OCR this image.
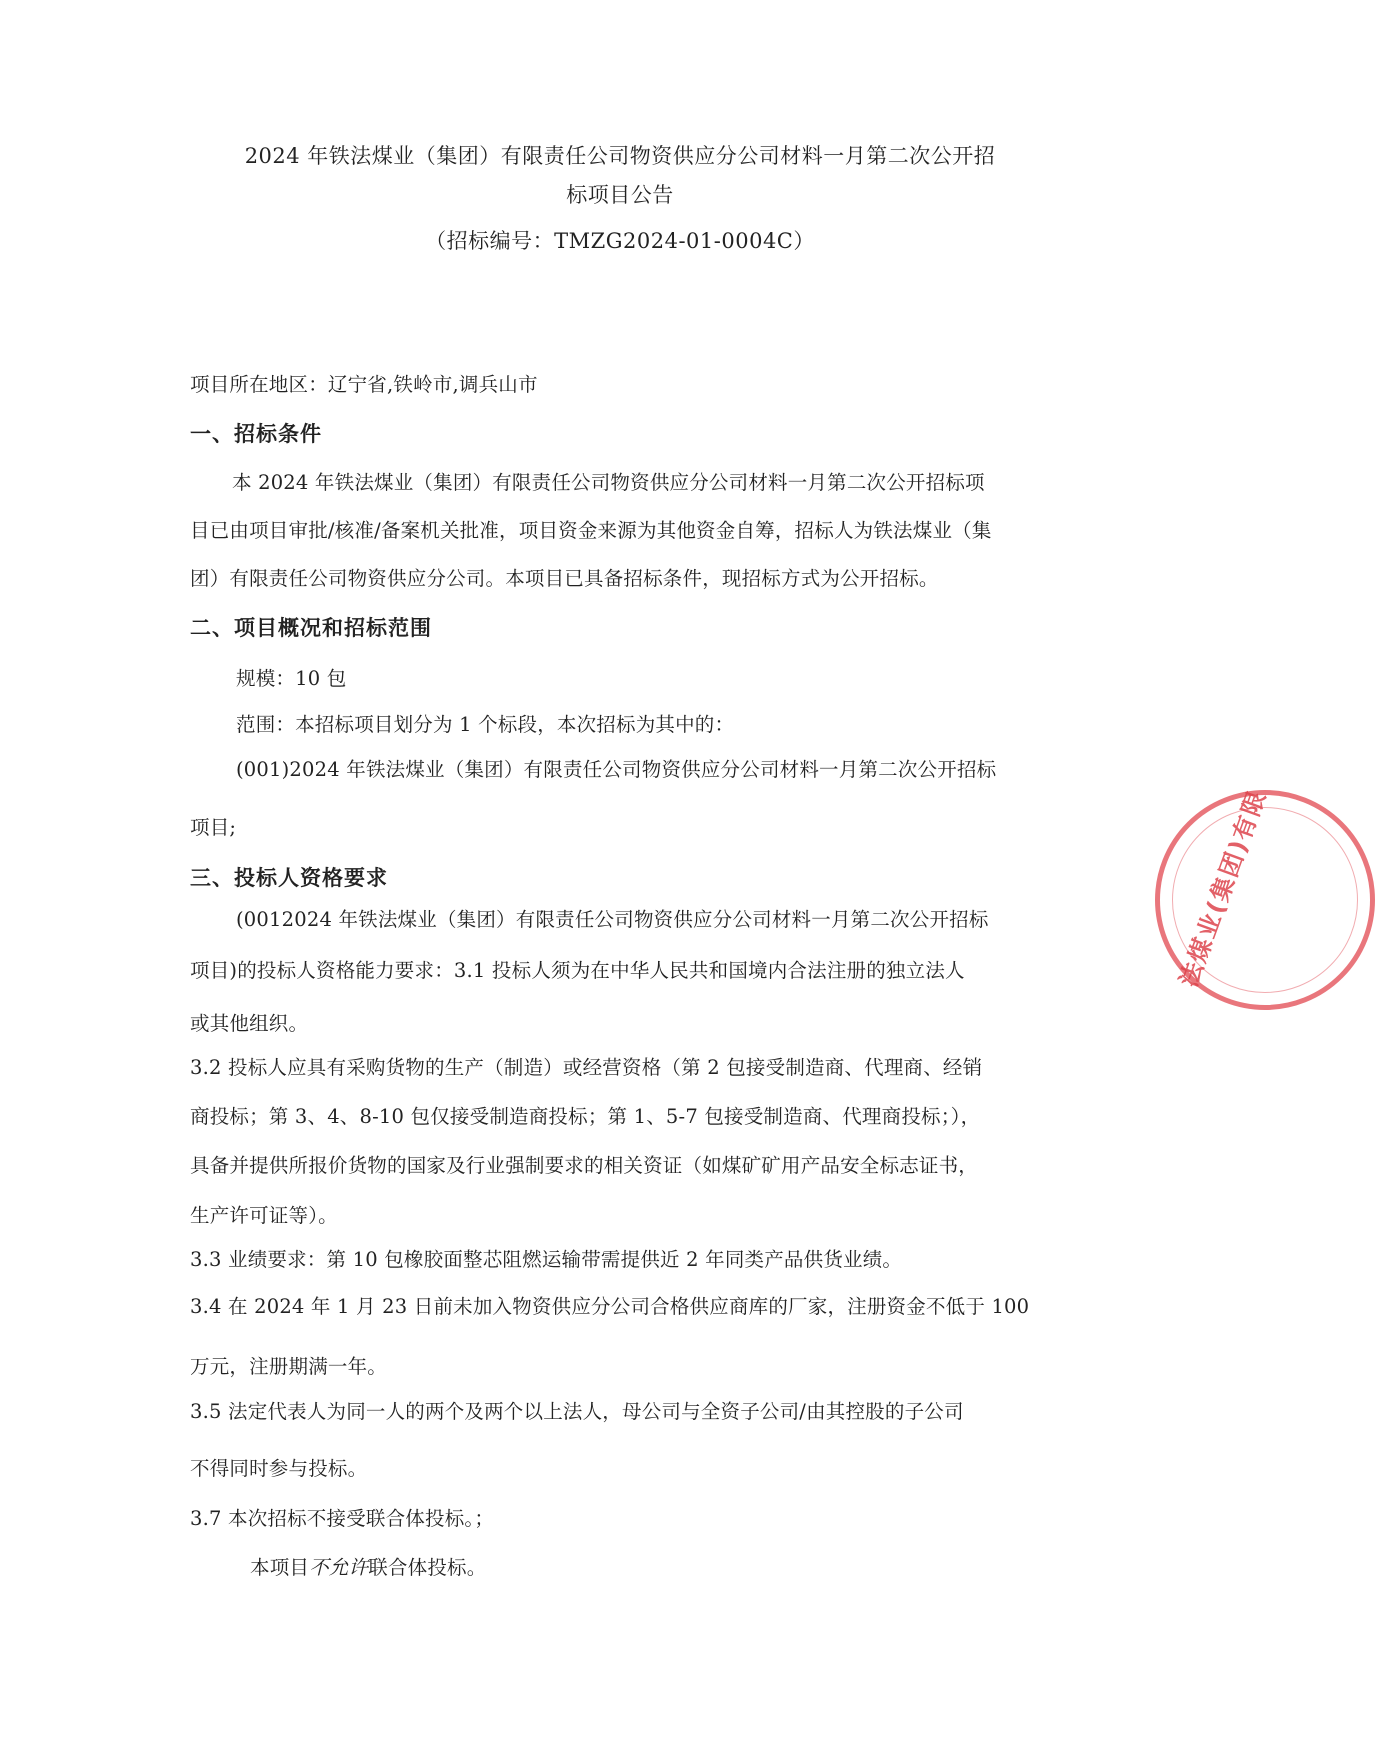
2024 年铁法煤业（集团）有限责任公司物资供应分公司材料一月第二次公开招
标项目公告
（招标编号：TMZG2024-01-0004C）
项目所在地区：辽宁省,铁岭市,调兵山市
一、招标条件
本 2024 年铁法煤业（集团）有限责任公司物资供应分公司材料一月第二次公开招标项
目已由项目审批/核准/备案机关批准，项目资金来源为其他资金自筹，招标人为铁法煤业（集
团）有限责任公司物资供应分公司。本项目已具备招标条件，现招标方式为公开招标。
二、项目概况和招标范围
规模：10 包
范围：本招标项目划分为 1 个标段，本次招标为其中的：
(001)2024 年铁法煤业（集团）有限责任公司物资供应分公司材料一月第二次公开招标
项目;
三、投标人资格要求
(0012024 年铁法煤业（集团）有限责任公司物资供应分公司材料一月第二次公开招标
项目)的投标人资格能力要求：3.1 投标人须为在中华人民共和国境内合法注册的独立法人
或其他组织。
3.2 投标人应具有采购货物的生产（制造）或经营资格（第 2 包接受制造商、代理商、经销
商投标；第 3、4、8-10 包仅接受制造商投标；第 1、5-7 包接受制造商、代理商投标；），
具备并提供所报价货物的国家及行业强制要求的相关资证（如煤矿矿用产品安全标志证书，
生产许可证等）。
3.3 业绩要求：第 10 包橡胶面整芯阻燃运输带需提供近 2 年同类产品供货业绩。
3.4 在 2024 年 1 月 23 日前未加入物资供应分公司合格供应商库的厂家，注册资金不低于 100
万元，注册期满一年。
3.5 法定代表人为同一人的两个及两个以上法人，母公司与全资子公司/由其控股的子公司
不得同时参与投标。
3.7 本次招标不接受联合体投标。；
本项目不允许联合体投标。
法煤业(集团)有限
